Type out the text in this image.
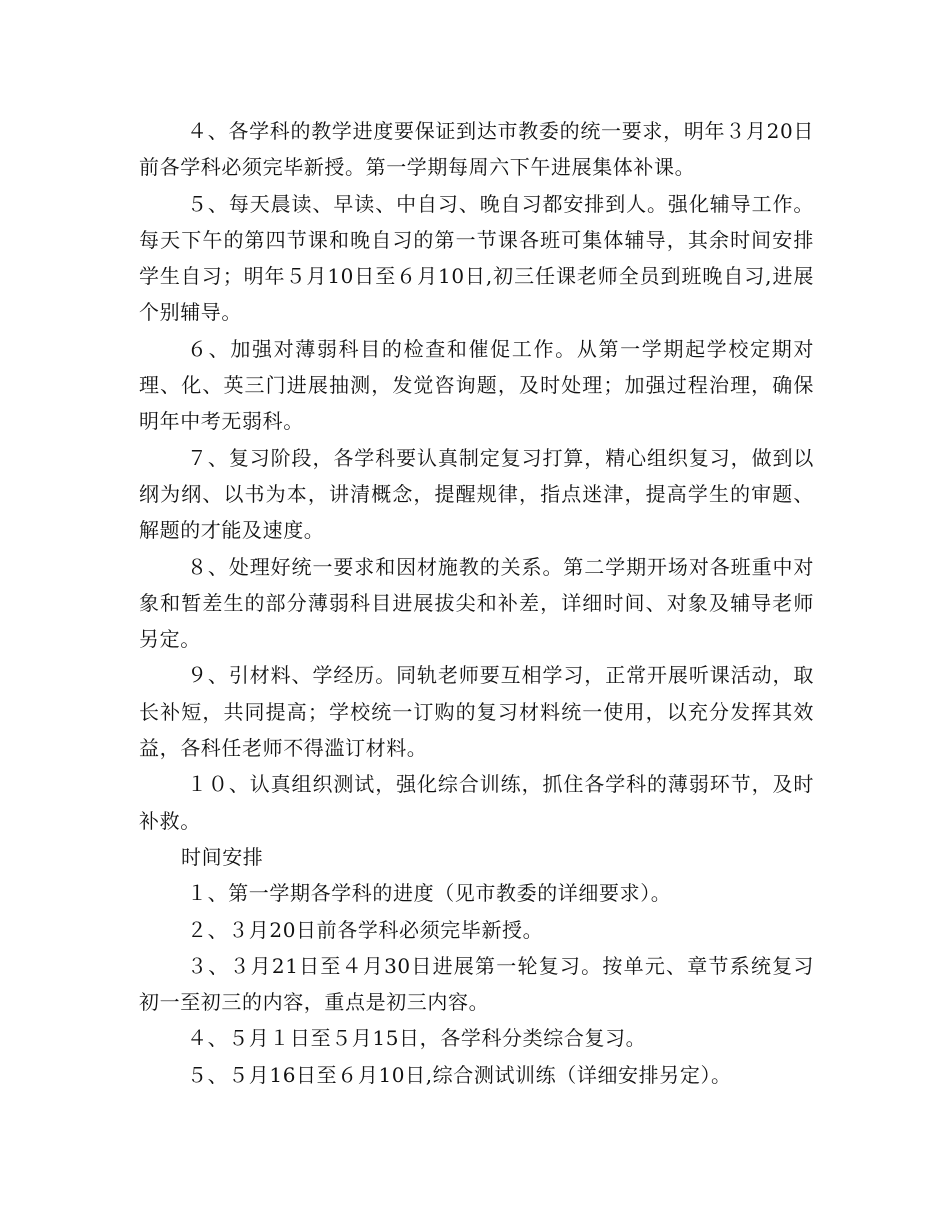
４、各学科的教学进度要保证到达市教委的统一要求，明年３月20日前各学科必须完毕新授。第一学期每周六下午进展集体补课。

５、每天晨读、早读、中自习、晚自习都安排到人。强化辅导工作。每天下午的第四节课和晚自习的第一节课各班可集体辅导，其余时间安排学生自习；明年５月10日至６月10日,初三任课老师全员到班晚自习,进展个别辅导。

６、加强对薄弱科目的检查和催促工作。从第一学期起学校定期对理、化、英三门进展抽测，发觉咨询题，及时处理；加强过程治理，确保明年中考无弱科。

７、复习阶段，各学科要认真制定复习打算，精心组织复习，做到以纲为纲、以书为本，讲清概念，提醒规律，指点迷津，提高学生的审题、解题的才能及速度。

８、处理好统一要求和因材施教的关系。第二学期开场对各班重中对象和暂差生的部分薄弱科目进展拔尖和补差，详细时间、对象及辅导老师另定。

９、引材料、学经历。同轨老师要互相学习，正常开展听课活动，取长补短，共同提高；学校统一订购的复习材料统一使用，以充分发挥其效益，各科任老师不得滥订材料。

１０、认真组织测试，强化综合训练，抓住各学科的薄弱环节，及时补救。

时间安排

１、第一学期各学科的进度（见市教委的详细要求）。

２、３月20日前各学科必须完毕新授。

３、３月21日至４月30日进展第一轮复习。按单元、章节系统复习初一至初三的内容，重点是初三内容。

４、５月１日至５月15日，各学科分类综合复习。

５、５月16日至６月10日,综合测试训练（详细安排另定）。
